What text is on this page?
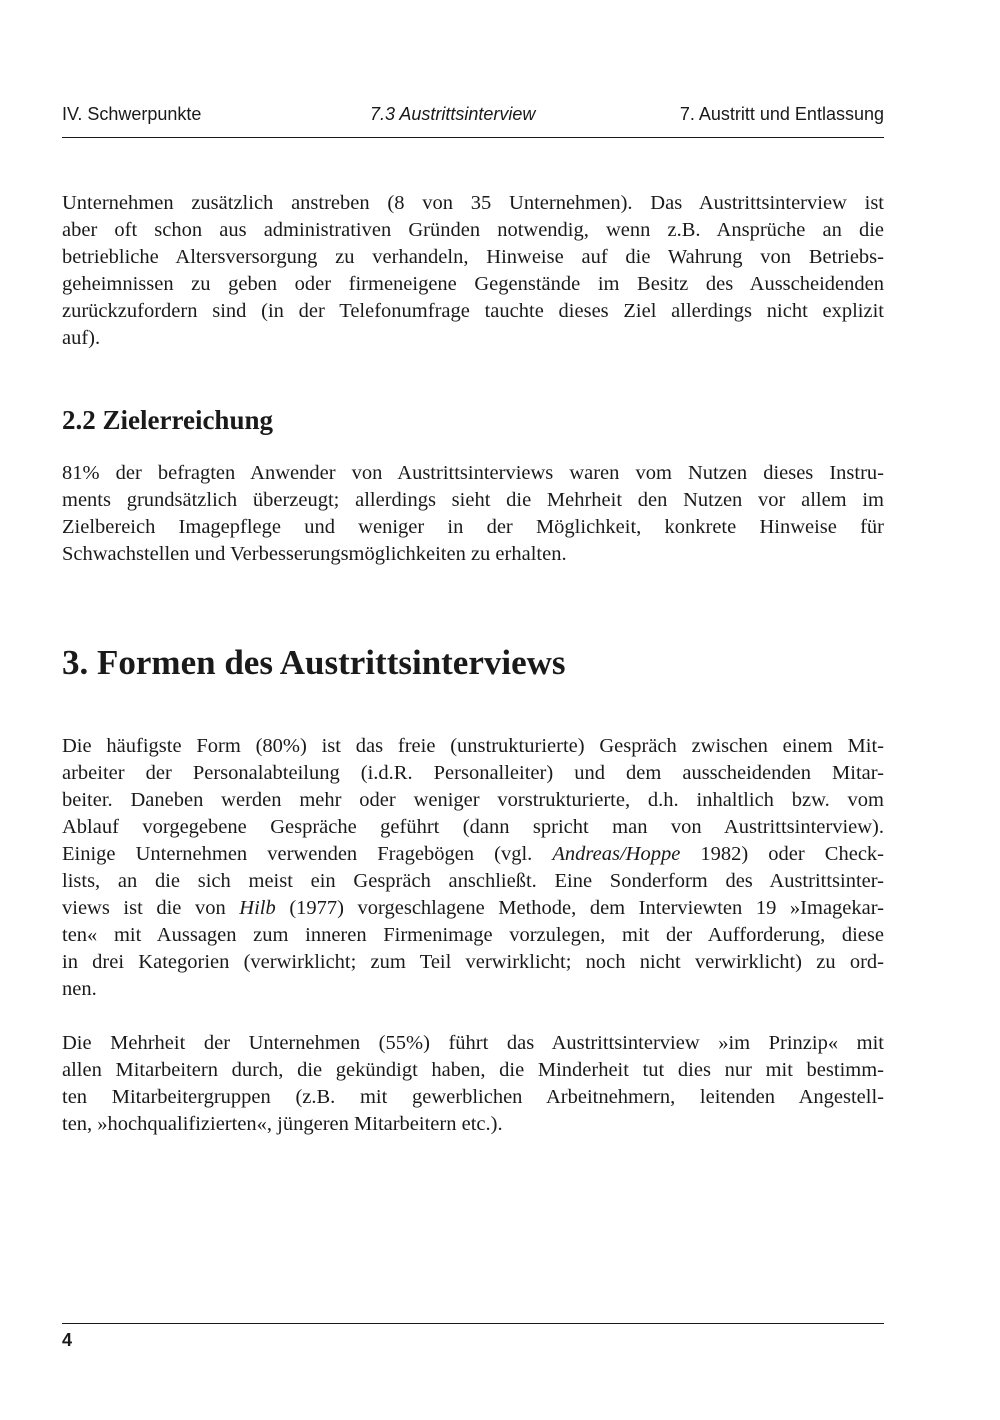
IV. Schwerpunkte	7.3 Austrittsinterview	7. Austritt und Entlassung

Unternehmen zusätzlich anstreben (8 von 35 Unternehmen). Das Austrittsinterview ist
aber oft schon aus administrativen Gründen notwendig, wenn z.B. Ansprüche an die
betriebliche Altersversorgung zu verhandeln, Hinweise auf die Wahrung von Betriebs-
geheimnissen zu geben oder firmeneigene Gegenstände im Besitz des Ausscheidenden
zurückzufordern sind (in der Telefonumfrage tauchte dieses Ziel allerdings nicht explizit
auf).

2.2 Zielerreichung

81% der befragten Anwender von Austrittsinterviews waren vom Nutzen dieses Instru-
ments grundsätzlich überzeugt; allerdings sieht die Mehrheit den Nutzen vor allem im
Zielbereich Imagepflege und weniger in der Möglichkeit, konkrete Hinweise für
Schwachstellen und Verbesserungsmöglichkeiten zu erhalten.

3. Formen des Austrittsinterviews

Die häufigste Form (80%) ist das freie (unstrukturierte) Gespräch zwischen einem Mit-
arbeiter der Personalabteilung (i.d.R. Personalleiter) und dem ausscheidenden Mitar-
beiter. Daneben werden mehr oder weniger vorstrukturierte, d.h. inhaltlich bzw. vom
Ablauf vorgegebene Gespräche geführt (dann spricht man von Austrittsinterview).
Einige Unternehmen verwenden Fragebögen (vgl. Andreas/Hoppe 1982) oder Check-
lists, an die sich meist ein Gespräch anschließt. Eine Sonderform des Austrittsinter-
views ist die von Hilb (1977) vorgeschlagene Methode, dem Interviewten 19 »Imagekar-
ten« mit Aussagen zum inneren Firmenimage vorzulegen, mit der Aufforderung, diese
in drei Kategorien (verwirklicht; zum Teil verwirklicht; noch nicht verwirklicht) zu ord-
nen.

Die Mehrheit der Unternehmen (55%) führt das Austrittsinterview »im Prinzip« mit
allen Mitarbeitern durch, die gekündigt haben, die Minderheit tut dies nur mit bestimm-
ten Mitarbeitergruppen (z.B. mit gewerblichen Arbeitnehmern, leitenden Angestell-
ten, »hochqualifizierten«, jüngeren Mitarbeitern etc.).

4
